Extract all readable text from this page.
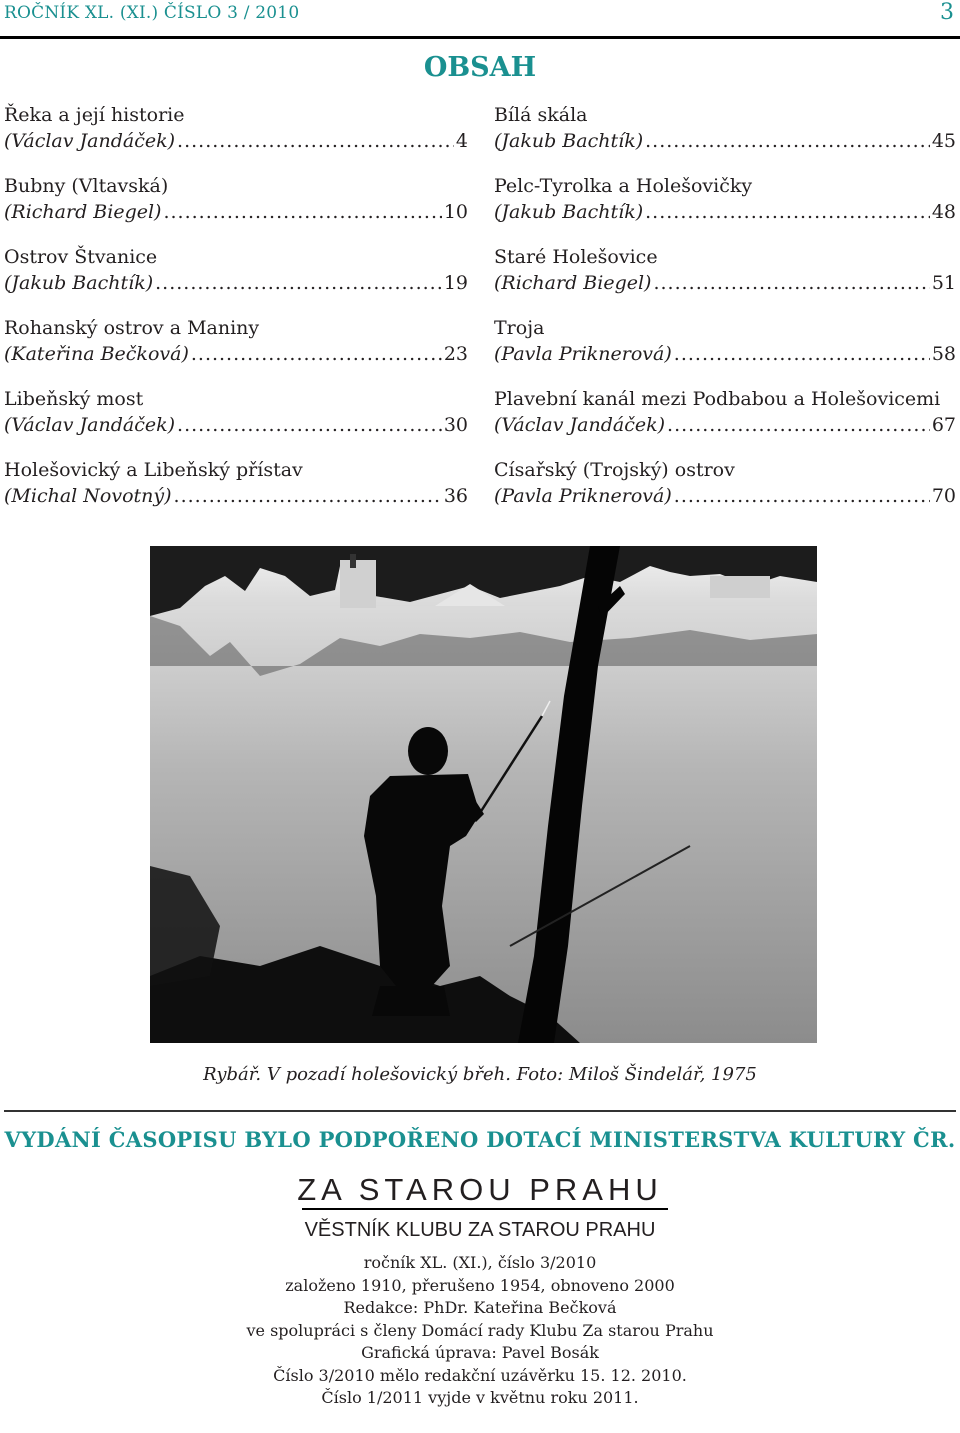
ROČNÍK XL. (XI.) ČÍSLO 3 / 2010	3
OBSAH
Řeka a její historie
(Václav Jandáček) .....	4
Bubny (Vltavská)
(Richard Biegel) .....	10
Ostrov Štvanice
(Jakub Bachtík) .....	19
Rohanský ostrov a Maniny
(Kateřina Bečková) .....	23
Libeňský most
(Václav Jandáček) .....	30
Holešovický a Libeňský přístav
(Michal Novotný) .....	36
Bílá skála
(Jakub Bachtík) .....	45
Pelc-Tyrolka a Holešovičky
(Jakub Bachtík) .....	48
Staré Holešovice
(Richard Biegel) .....	51
Troja
(Pavla Priknerová) .....	58
Plavební kanál mezi Podbabou a Holešovicemi
(Václav Jandáček) .....	67
Císařský (Trojský) ostrov
(Pavla Priknerová) .....	70
Rybář. V pozadí holešovický břeh. Foto: Miloš Šindelář, 1975
VYDÁNÍ ČASOPISU BYLO PODPOŘENO DOTACÍ MINISTERSTVA KULTURY ČR.
ZA STAROU PRAHU
VĚSTNÍK KLUBU ZA STAROU PRAHU
ročník XL. (XI.), číslo 3/2010
založeno 1910, přerušeno 1954, obnoveno 2000
Redakce: PhDr. Kateřina Bečková
ve spolupráci s členy Domácí rady Klubu Za starou Prahu
Grafická úprava: Pavel Bosák
Číslo 3/2010 mělo redakční uzávěrku 15. 12. 2010.
Číslo 1/2011 vyjde v květnu roku 2011.
